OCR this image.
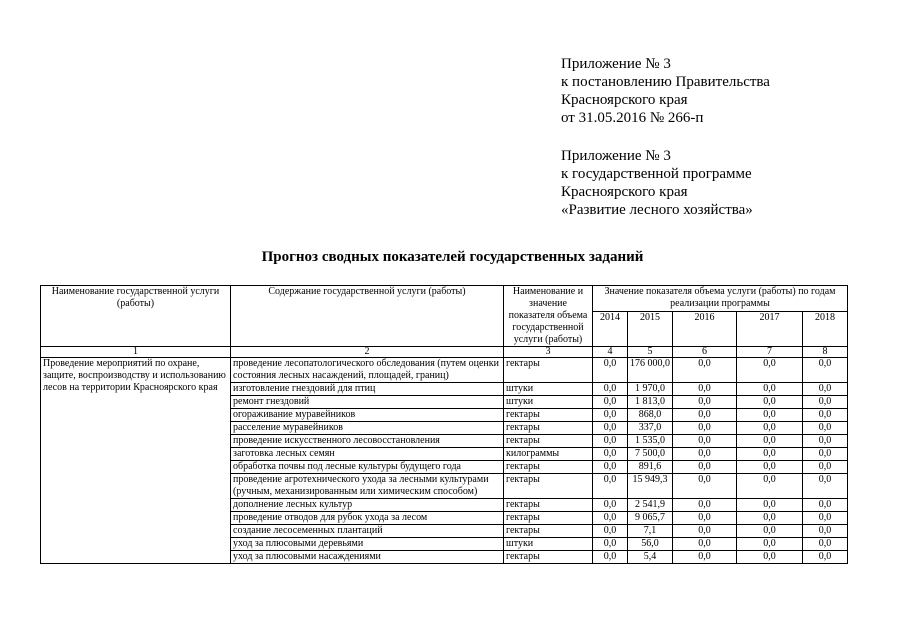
Приложение № 3
к постановлению Правительства
Красноярского края
от 31.05.2016 № 266-п
Приложение № 3
к государственной программе
Красноярского края
«Развитие лесного хозяйства»
Прогноз сводных показателей государственных заданий
Наименование государственной услуги (работы)	Содержание государственной услуги (работы)	Наименование и значение показателя объема государственной услуги (работы)	Значение показателя объема услуги (работы) по годам реализации программы				
			2014	2015	2016	2017	2018
1	2	3	4	5	6	7	8
Проведение мероприятий по охране, защите, воспроизводству и использованию лесов на территории Красноярского края	проведение лесопатологического обследования (путем оценки состояния лесных насаждений, площадей, границ)	гектары	0,0	176 000,0	0,0	0,0	0,0
	изготовление гнездовий для птиц	штуки	0,0	1 970,0	0,0	0,0	0,0
	ремонт гнездовий	штуки	0,0	1 813,0	0,0	0,0	0,0
	огораживание муравейников	гектары	0,0	868,0	0,0	0,0	0,0
	расселение муравейников	гектары	0,0	337,0	0,0	0,0	0,0
	проведение искусственного лесовосстановления	гектары	0,0	1 535,0	0,0	0,0	0,0
	заготовка лесных семян	килограммы	0,0	7 500,0	0,0	0,0	0,0
	обработка почвы под лесные культуры будущего года	гектары	0,0	891,6	0,0	0,0	0,0
	проведение агротехнического ухода за лесными культурами (ручным, механизированным или химическим способом)	гектары	0,0	15 949,3	0,0	0,0	0,0
	дополнение лесных культур	гектары	0,0	2 541,9	0,0	0,0	0,0
	проведение отводов для рубок ухода за лесом	гектары	0,0	9 065,7	0,0	0,0	0,0
	создание лесосеменных плантаций	гектары	0,0	7,1	0,0	0,0	0,0
	уход за плюсовыми деревьями	штуки	0,0	56,0	0,0	0,0	0,0
	уход за плюсовыми насаждениями	гектары	0,0	5,4	0,0	0,0	0,0
